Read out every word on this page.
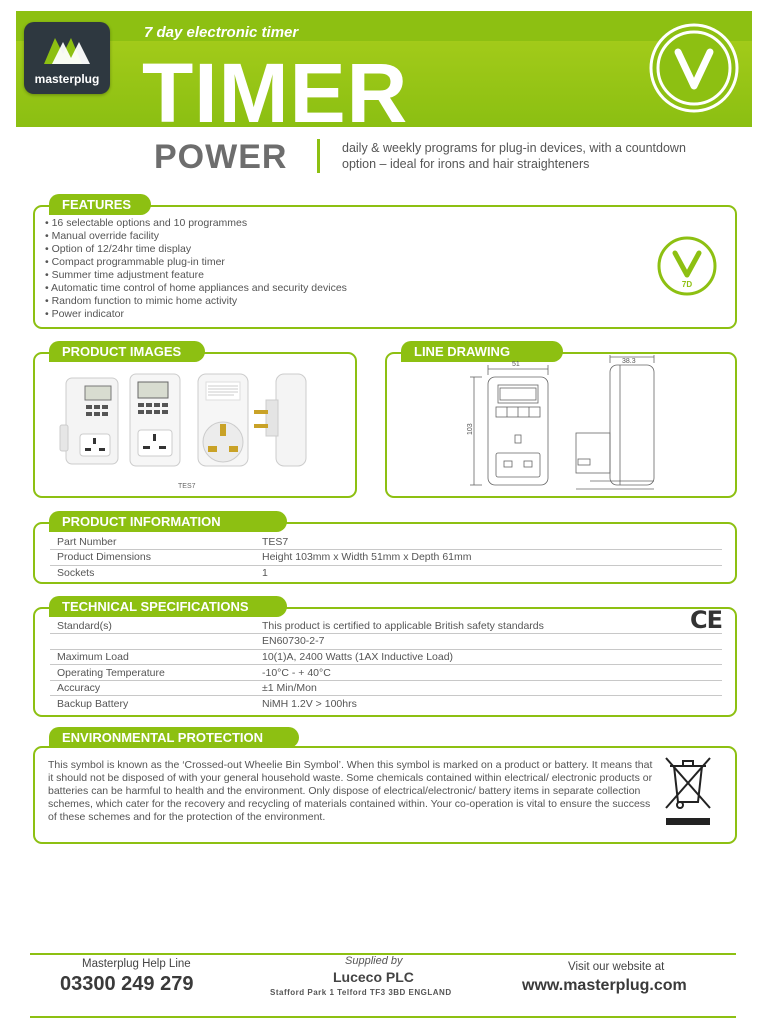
7 day electronic timer
TIMER
masterplug
POWER	daily & weekly programs for plug-in devices, with a countdown option – ideal for irons and hair straighteners
FEATURES
• 16 selectable options and 10 programmes
• Manual override facility
• Option of 12/24hr time display
• Compact programmable plug-in timer
• Summer time adjustment feature
• Automatic time control of home appliances and security devices
• Random function to mimic home activity
• Power indicator
7D
PRODUCT IMAGES
TES7
LINE DRAWING
51
103
38.3
PRODUCT INFORMATION
Part Number	TES7
Product Dimensions	Height 103mm x Width 51mm x Depth 61mm
Sockets	1
TECHNICAL SPECIFICATIONS
Standard(s)	This product is certified to applicable British safety standards
	EN60730-2-7
Maximum Load	10(1)A, 2400 Watts (1AX Inductive Load)
Operating Temperature	-10°C - + 40°C
Accuracy	±1 Min/Mon
Backup Battery	NiMH 1.2V > 100hrs
CE
ENVIRONMENTAL PROTECTION
This symbol is known as the ‘Crossed-out Wheelie Bin Symbol’. When this symbol is marked on a product or battery. It means that it should not be disposed of with your general household waste. Some chemicals contained within electrical/ electronic products or batteries can be harmful to health and the environment. Only dispose of electrical/electronic/ battery items in separate collection schemes, which cater for the recovery and recycling of materials contained within. Your co-operation is vital to ensure the success of these schemes and for the protection of the environment.
Masterplug Help Line
03300 249 279
Supplied by
Luceco PLC
Stafford Park 1 Telford TF3 3BD ENGLAND
Visit our website at
www.masterplug.com
